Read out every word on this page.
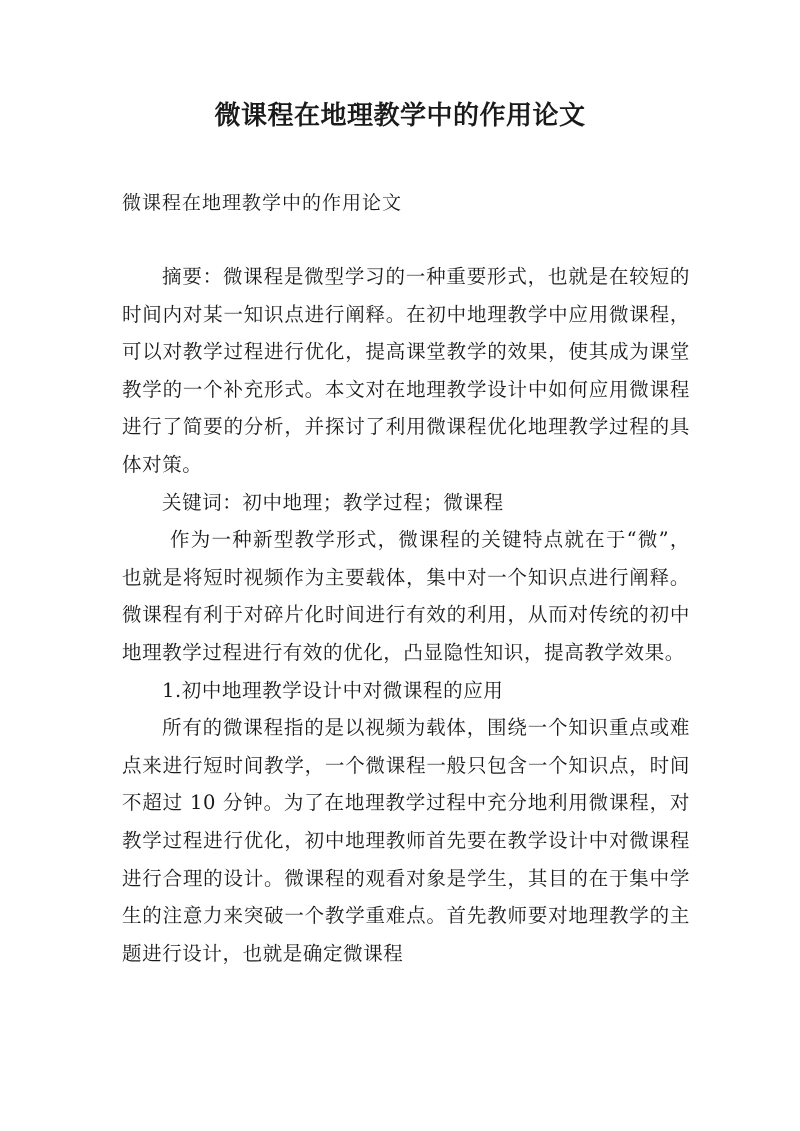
微课程在地理教学中的作用论文

微课程在地理教学中的作用论文

摘要：微课程是微型学习的一种重要形式，也就是在较短的时间内对某一知识点进行阐释。在初中地理教学中应用微课程，可以对教学过程进行优化，提高课堂教学的效果，使其成为课堂教学的一个补充形式。本文对在地理教学设计中如何应用微课程进行了简要的分析，并探讨了利用微课程优化地理教学过程的具体对策。

关键词：初中地理；教学过程；微课程

作为一种新型教学形式，微课程的关键特点就在于“微”，也就是将短时视频作为主要载体，集中对一个知识点进行阐释。微课程有利于对碎片化时间进行有效的利用，从而对传统的初中地理教学过程进行有效的优化，凸显隐性知识，提高教学效果。

1.初中地理教学设计中对微课程的应用

所有的微课程指的是以视频为载体，围绕一个知识重点或难点来进行短时间教学，一个微课程一般只包含一个知识点，时间不超过 10 分钟。为了在地理教学过程中充分地利用微课程，对教学过程进行优化，初中地理教师首先要在教学设计中对微课程进行合理的设计。微课程的观看对象是学生，其目的在于集中学生的注意力来突破一个教学重难点。首先教师要对地理教学的主题进行设计，也就是确定微课程
